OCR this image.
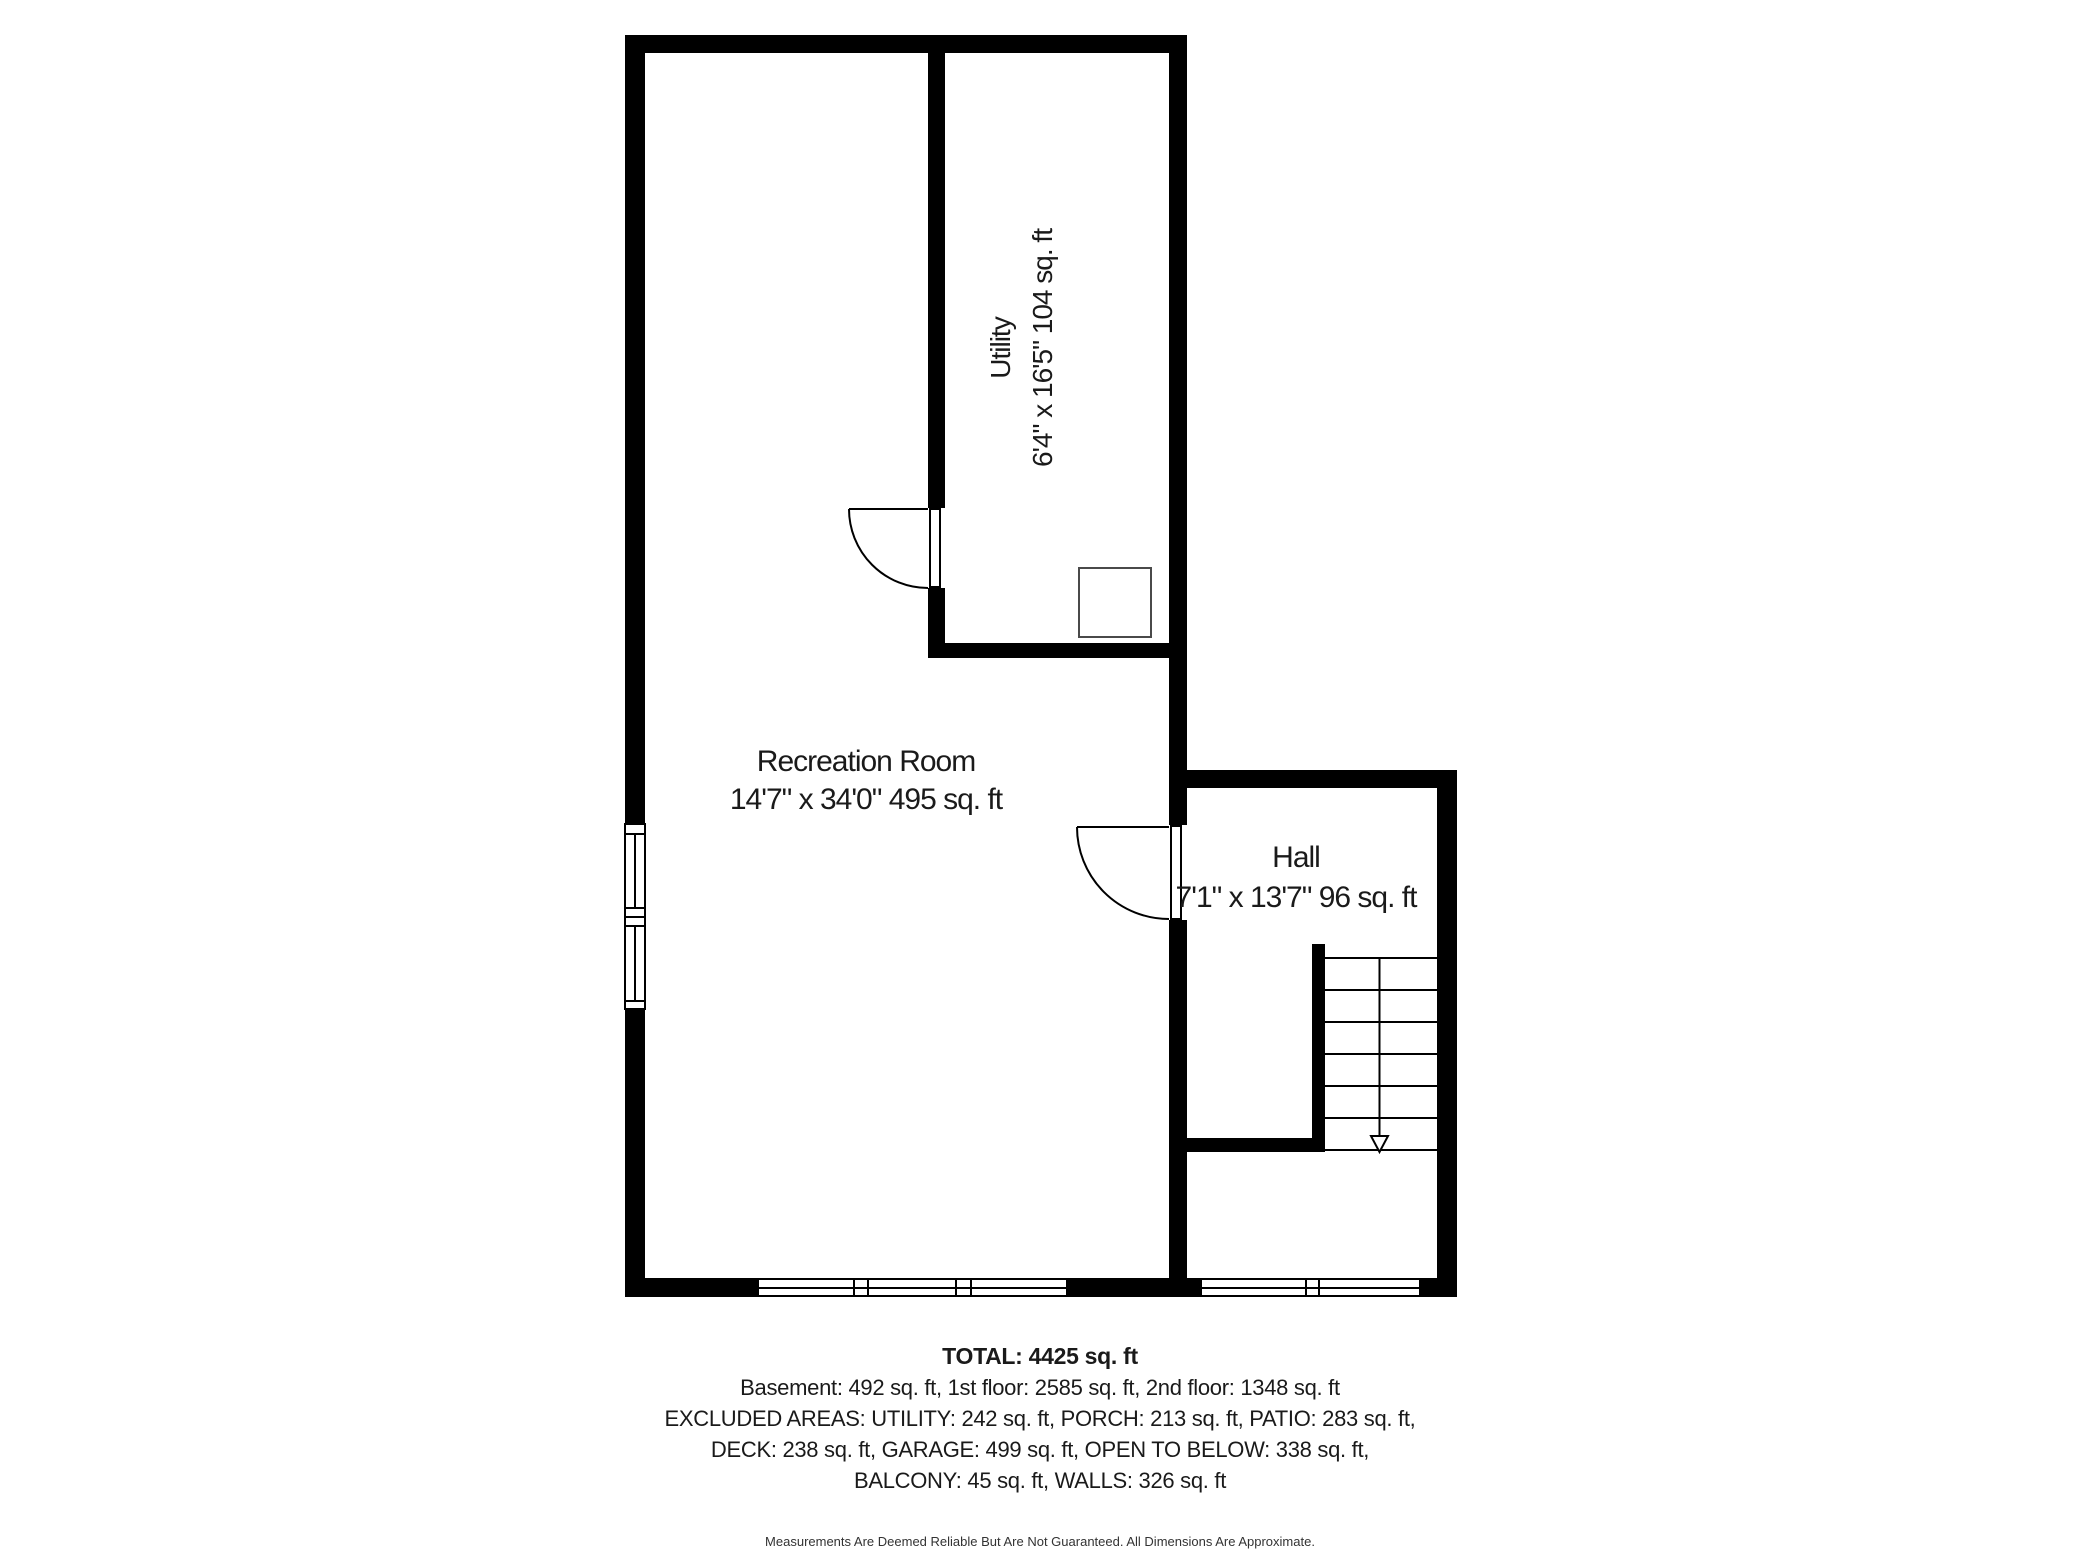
Recreation Room
14'7" x 34'0" 495 sq. ft
Hall
7'1" x 13'7" 96 sq. ft
Utility 6'4" x 16'5" 104 sq. ft
TOTAL: 4425 sq. ft
Basement: 492 sq. ft, 1st floor: 2585 sq. ft, 2nd floor: 1348 sq. ft
EXCLUDED AREAS: UTILITY: 242 sq. ft, PORCH: 213 sq. ft, PATIO: 283 sq. ft,
DECK: 238 sq. ft, GARAGE: 499 sq. ft, OPEN TO BELOW: 338 sq. ft,
BALCONY: 45 sq. ft, WALLS: 326 sq. ft
Measurements Are Deemed Reliable But Are Not Guaranteed. All Dimensions Are Approximate.
